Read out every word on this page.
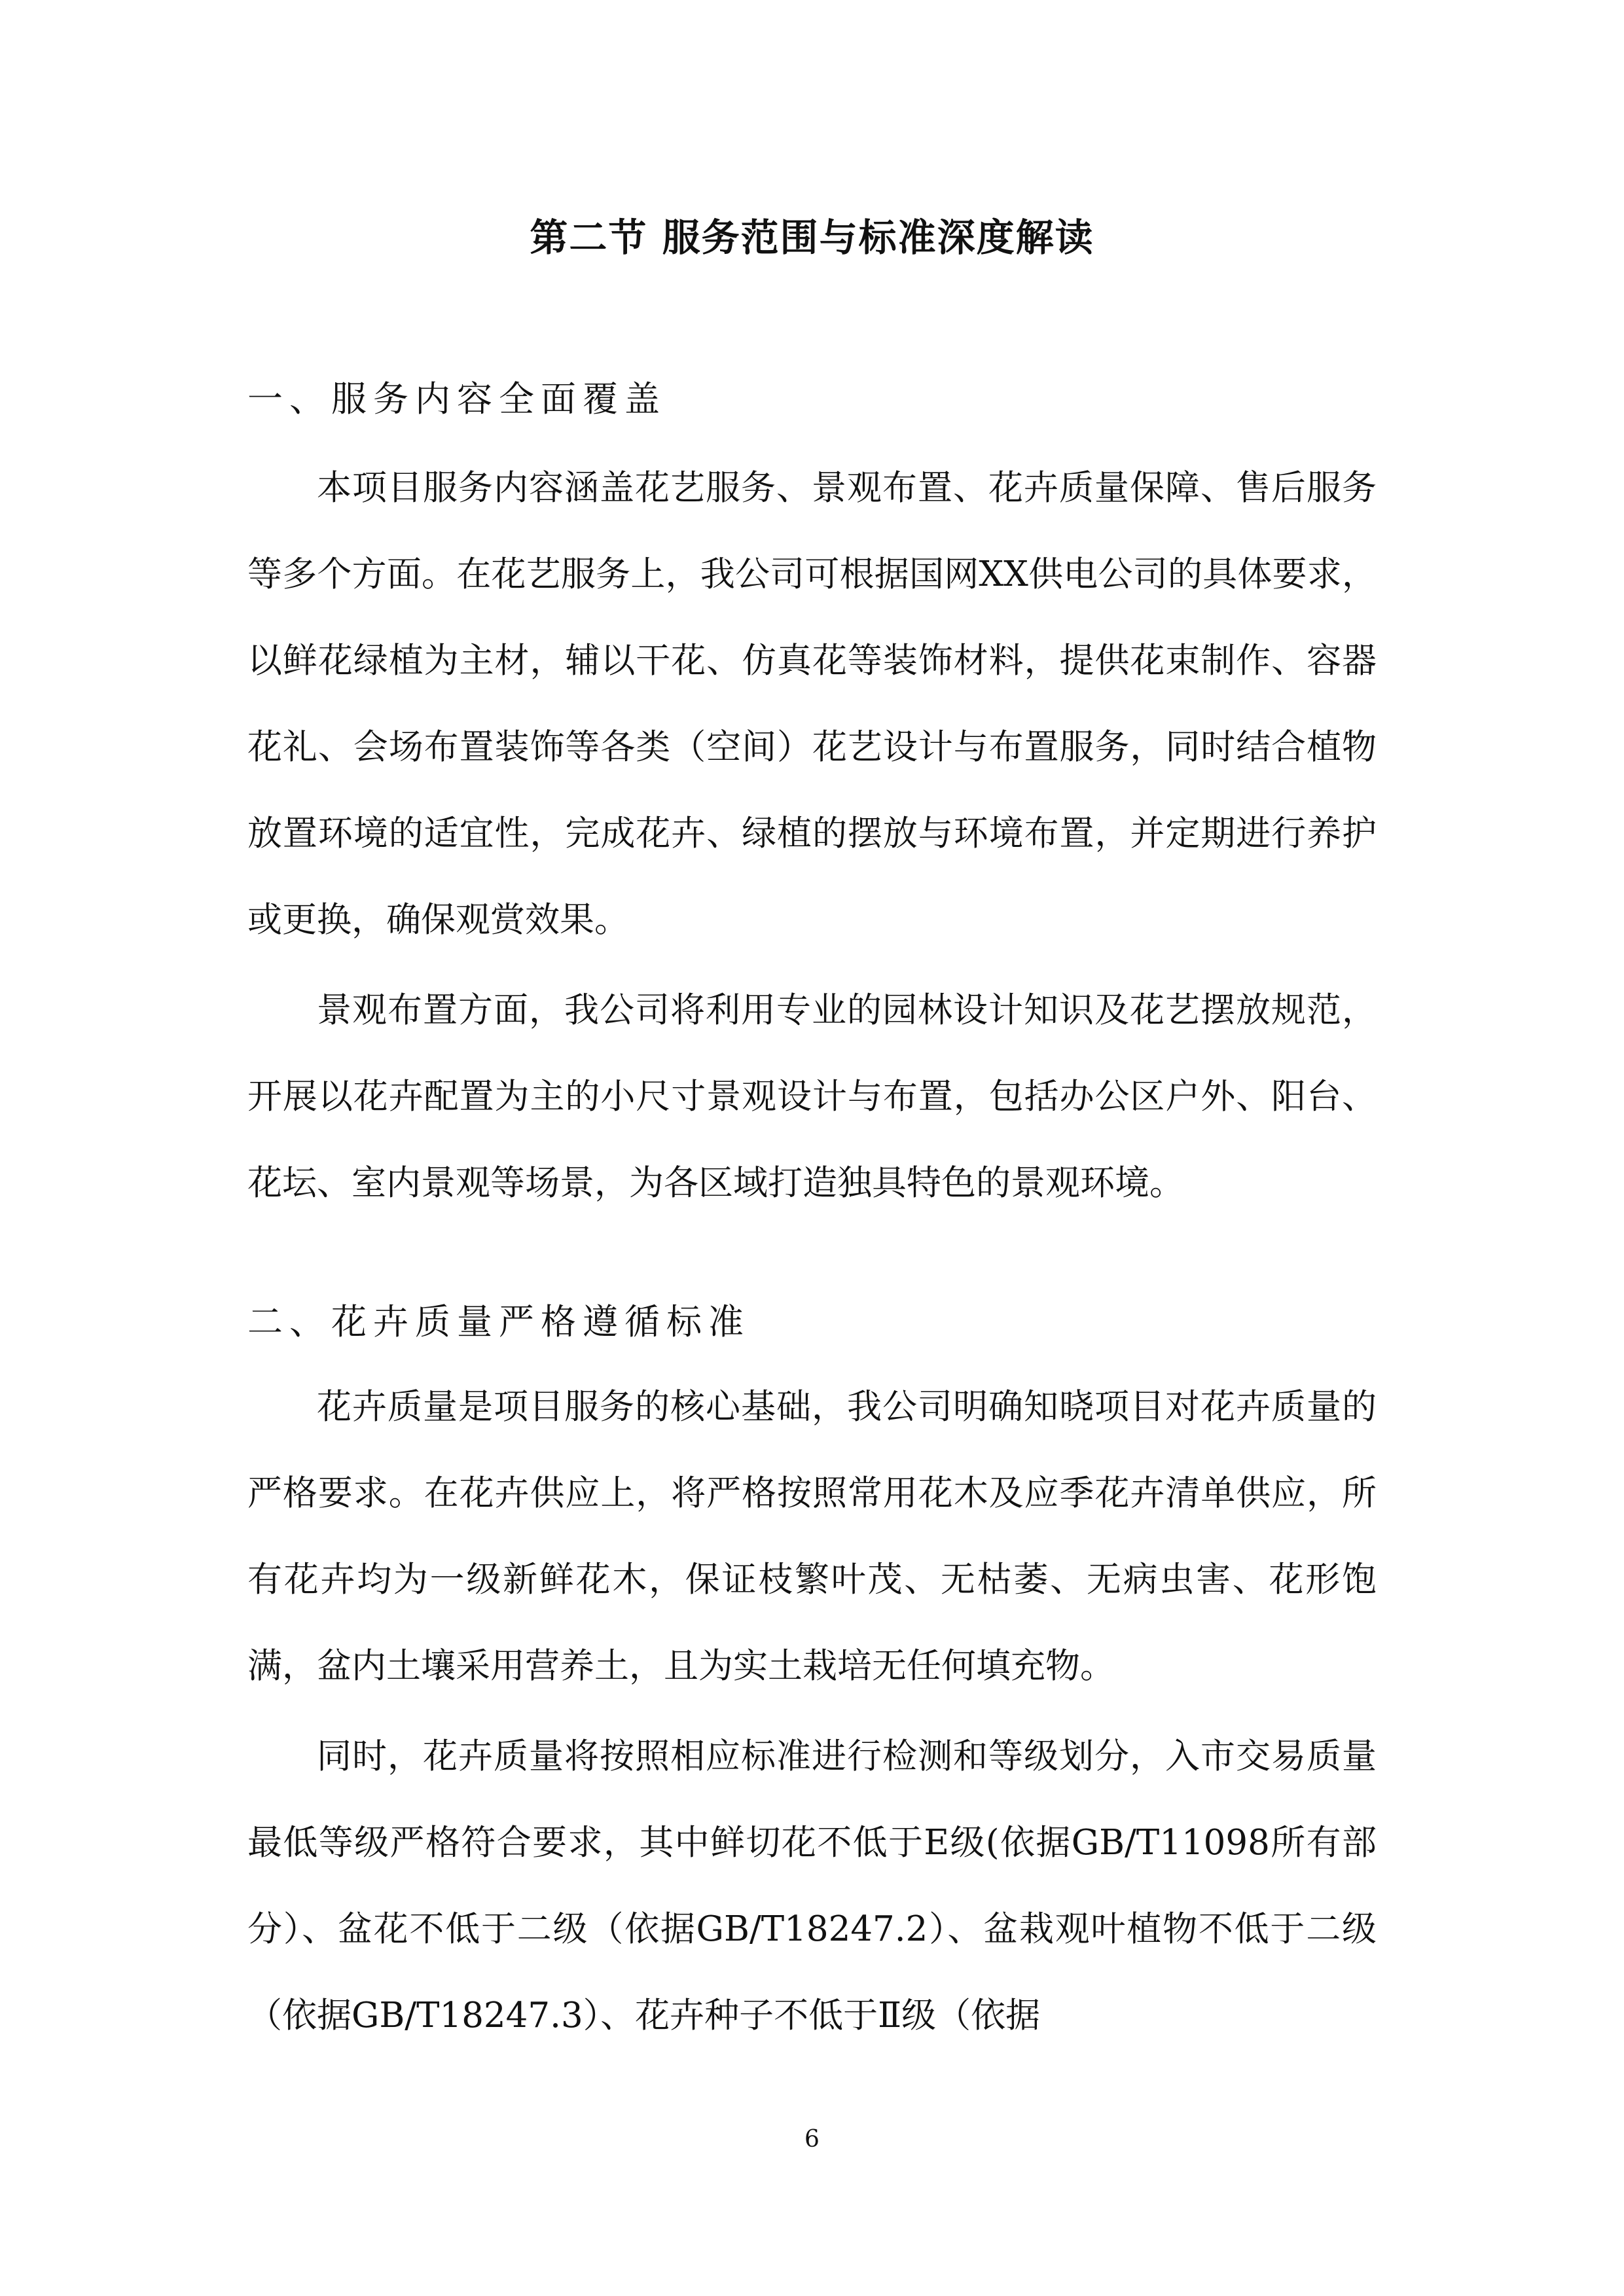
第二节 服务范围与标准深度解读
一、服务内容全面覆盖

本项目服务内容涵盖花艺服务、景观布置、花卉质量保障、售后服务等多个方面。在花艺服务上，我公司可根据国网XX供电公司的具体要求，以鲜花绿植为主材，辅以干花、仿真花等装饰材料，提供花束制作、容器花礼、会场布置装饰等各类（空间）花艺设计与布置服务，同时结合植物放置环境的适宜性，完成花卉、绿植的摆放与环境布置，并定期进行养护或更换，确保观赏效果。

景观布置方面，我公司将利用专业的园林设计知识及花艺摆放规范，开展以花卉配置为主的小尺寸景观设计与布置，包括办公区户外、阳台、花坛、室内景观等场景，为各区域打造独具特色的景观环境。

二、花卉质量严格遵循标准

花卉质量是项目服务的核心基础，我公司明确知晓项目对花卉质量的严格要求。在花卉供应上，将严格按照常用花木及应季花卉清单供应，所有花卉均为一级新鲜花木，保证枝繁叶茂、无枯萎、无病虫害、花形饱满，盆内土壤采用营养土，且为实土栽培无任何填充物。

同时，花卉质量将按照相应标准进行检测和等级划分，入市交易质量最低等级严格符合要求，其中鲜切花不低于E级(依据GB/T11098所有部分）、盆花不低于二级（依据GB/T18247.2）、盆栽观叶植物不低于二级（依据GB/T18247.3）、花卉种子不低于Ⅱ级（依据

6
